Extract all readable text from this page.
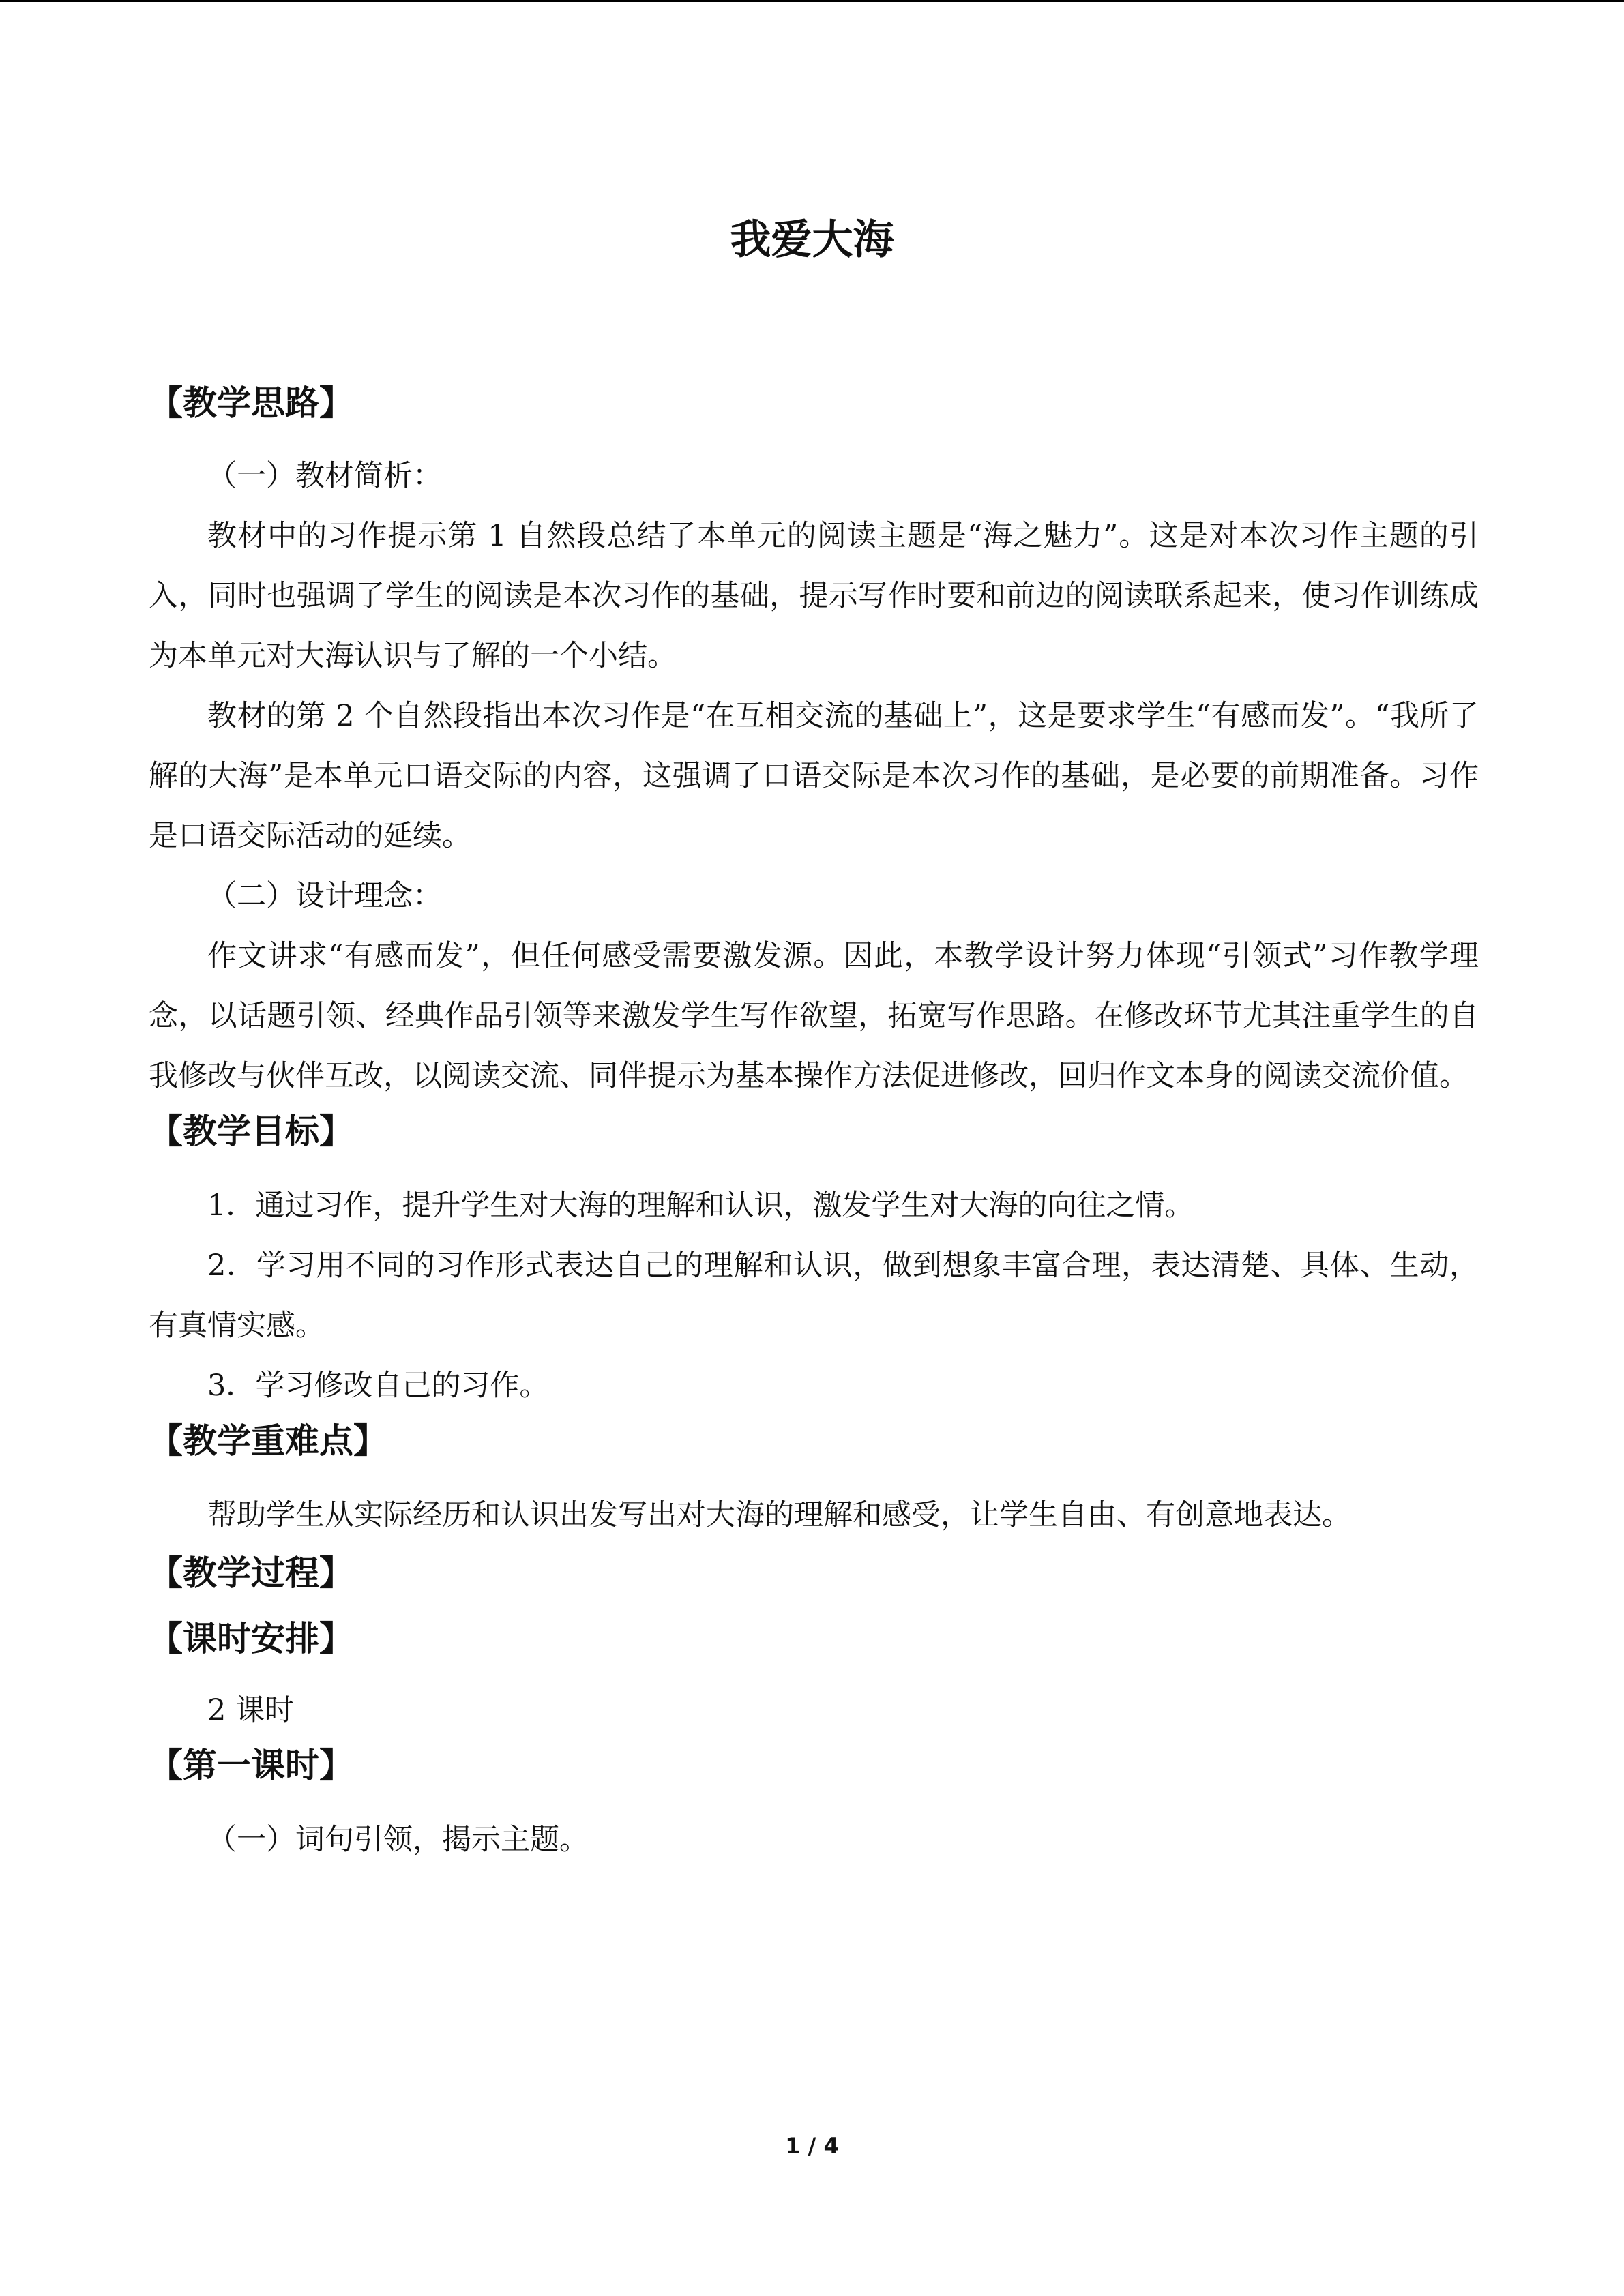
我爱大海

【教学思路】

（一）教材简析：

教材中的习作提示第 1 自然段总结了本单元的阅读主题是“海之魅力”。这是对本次习作主题的引入，同时也强调了学生的阅读是本次习作的基础，提示写作时要和前边的阅读联系起来，使习作训练成为本单元对大海认识与了解的一个小结。

教材的第 2 个自然段指出本次习作是“在互相交流的基础上”，这是要求学生“有感而发”。“我所了解的大海”是本单元口语交际的内容，这强调了口语交际是本次习作的基础，是必要的前期准备。习作是口语交际活动的延续。

（二）设计理念：

作文讲求“有感而发”，但任何感受需要激发源。因此，本教学设计努力体现“引领式”习作教学理念，以话题引领、经典作品引领等来激发学生写作欲望，拓宽写作思路。在修改环节尤其注重学生的自我修改与伙伴互改，以阅读交流、同伴提示为基本操作方法促进修改，回归作文本身的阅读交流价值。

【教学目标】

1．通过习作，提升学生对大海的理解和认识，激发学生对大海的向往之情。

2．学习用不同的习作形式表达自己的理解和认识，做到想象丰富合理，表达清楚、具体、生动，有真情实感。

3．学习修改自己的习作。

【教学重难点】

帮助学生从实际经历和认识出发写出对大海的理解和感受，让学生自由、有创意地表达。

【教学过程】

【课时安排】

2 课时

【第一课时】

（一）词句引领，揭示主题。

1 / 4
